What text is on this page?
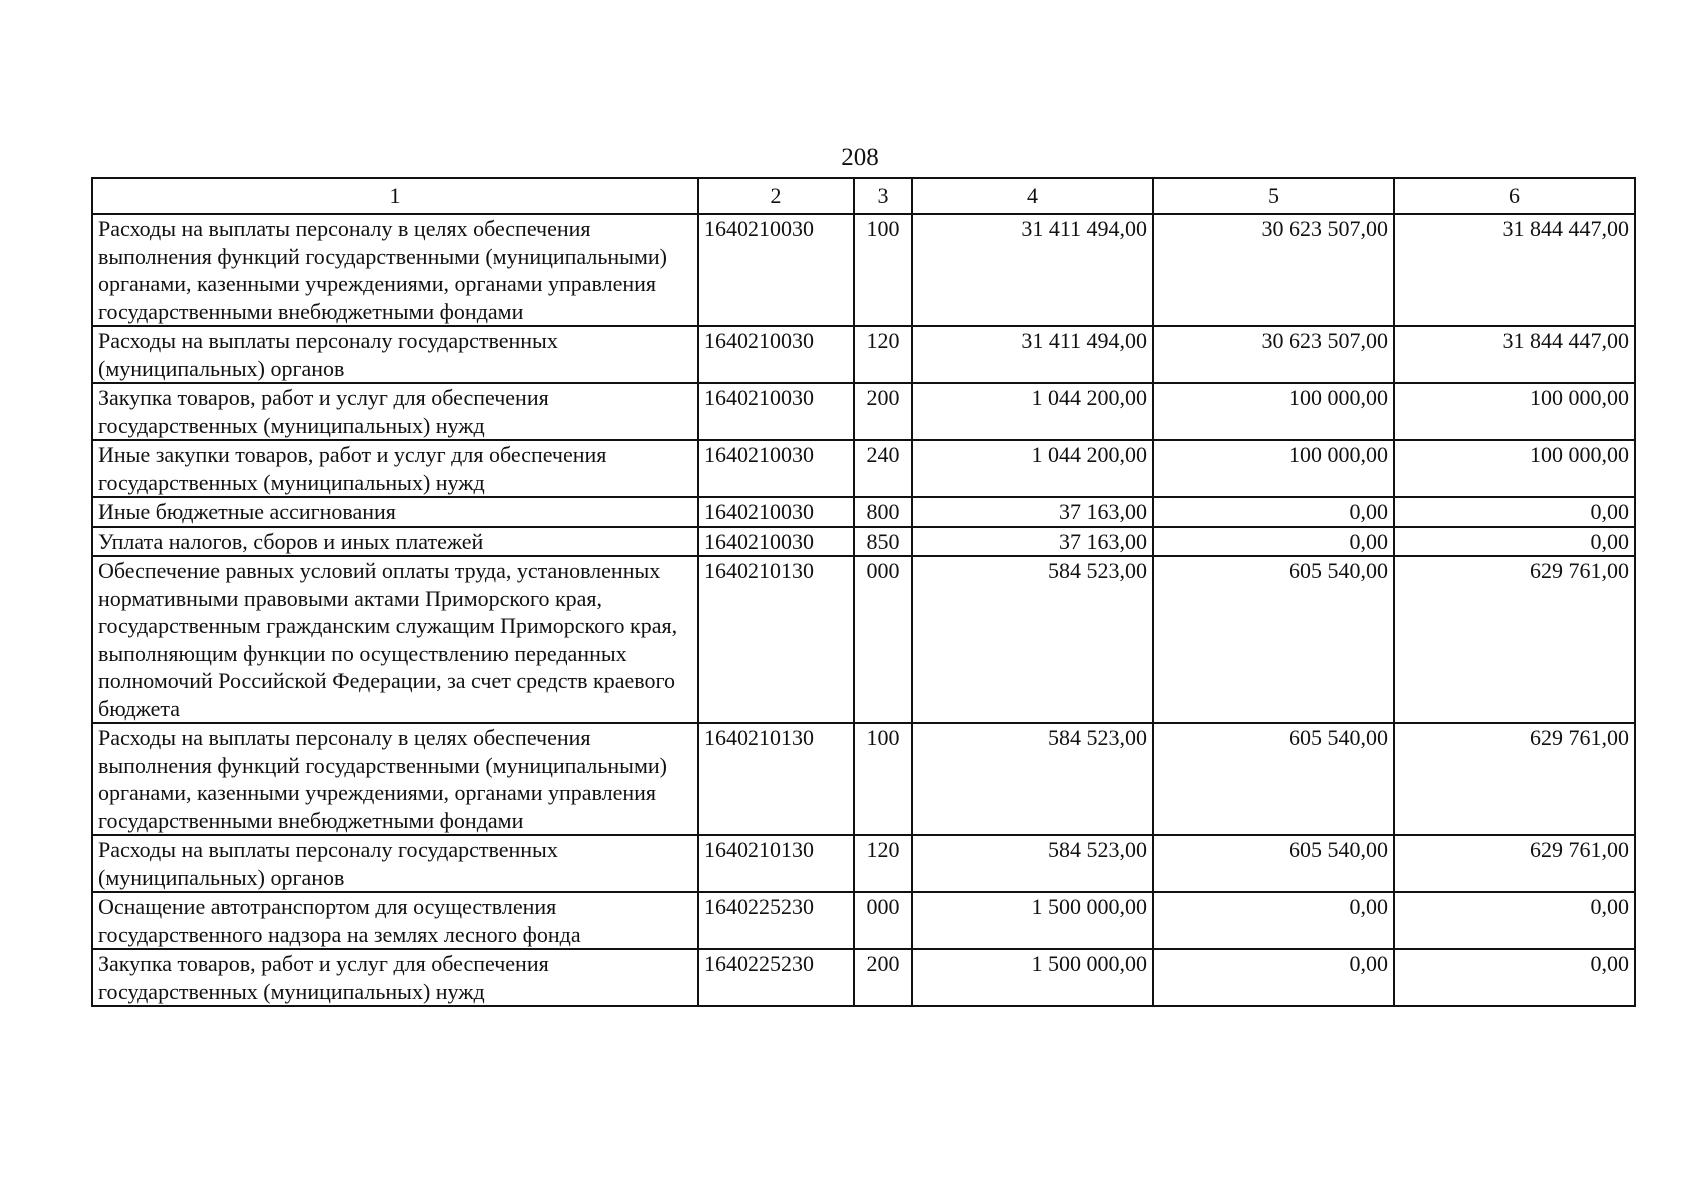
208
1	2	3	4	5	6
Расходы на выплаты персоналу в целях обеспечения выполнения функций государственными (муниципальными) органами, казенными учреждениями, органами управления государственными внебюджетными фондами	1640210030	100	31 411 494,00	30 623 507,00	31 844 447,00
Расходы на выплаты персоналу государственных (муниципальных) органов	1640210030	120	31 411 494,00	30 623 507,00	31 844 447,00
Закупка товаров, работ и услуг для обеспечения государственных (муниципальных) нужд	1640210030	200	1 044 200,00	100 000,00	100 000,00
Иные закупки товаров, работ и услуг для обеспечения государственных (муниципальных) нужд	1640210030	240	1 044 200,00	100 000,00	100 000,00
Иные бюджетные ассигнования	1640210030	800	37 163,00	0,00	0,00
Уплата налогов, сборов и иных платежей	1640210030	850	37 163,00	0,00	0,00
Обеспечение равных условий оплаты труда, установленных нормативными правовыми актами Приморского края, государственным гражданским служащим Приморского края, выполняющим функции по осуществлению переданных полномочий Российской Федерации, за счет средств краевого бюджета	1640210130	000	584 523,00	605 540,00	629 761,00
Расходы на выплаты персоналу в целях обеспечения выполнения функций государственными (муниципальными) органами, казенными учреждениями, органами управления государственными внебюджетными фондами	1640210130	100	584 523,00	605 540,00	629 761,00
Расходы на выплаты персоналу государственных (муниципальных) органов	1640210130	120	584 523,00	605 540,00	629 761,00
Оснащение автотранспортом для осуществления государственного надзора на землях лесного фонда	1640225230	000	1 500 000,00	0,00	0,00
Закупка товаров, работ и услуг для обеспечения государственных (муниципальных) нужд	1640225230	200	1 500 000,00	0,00	0,00
